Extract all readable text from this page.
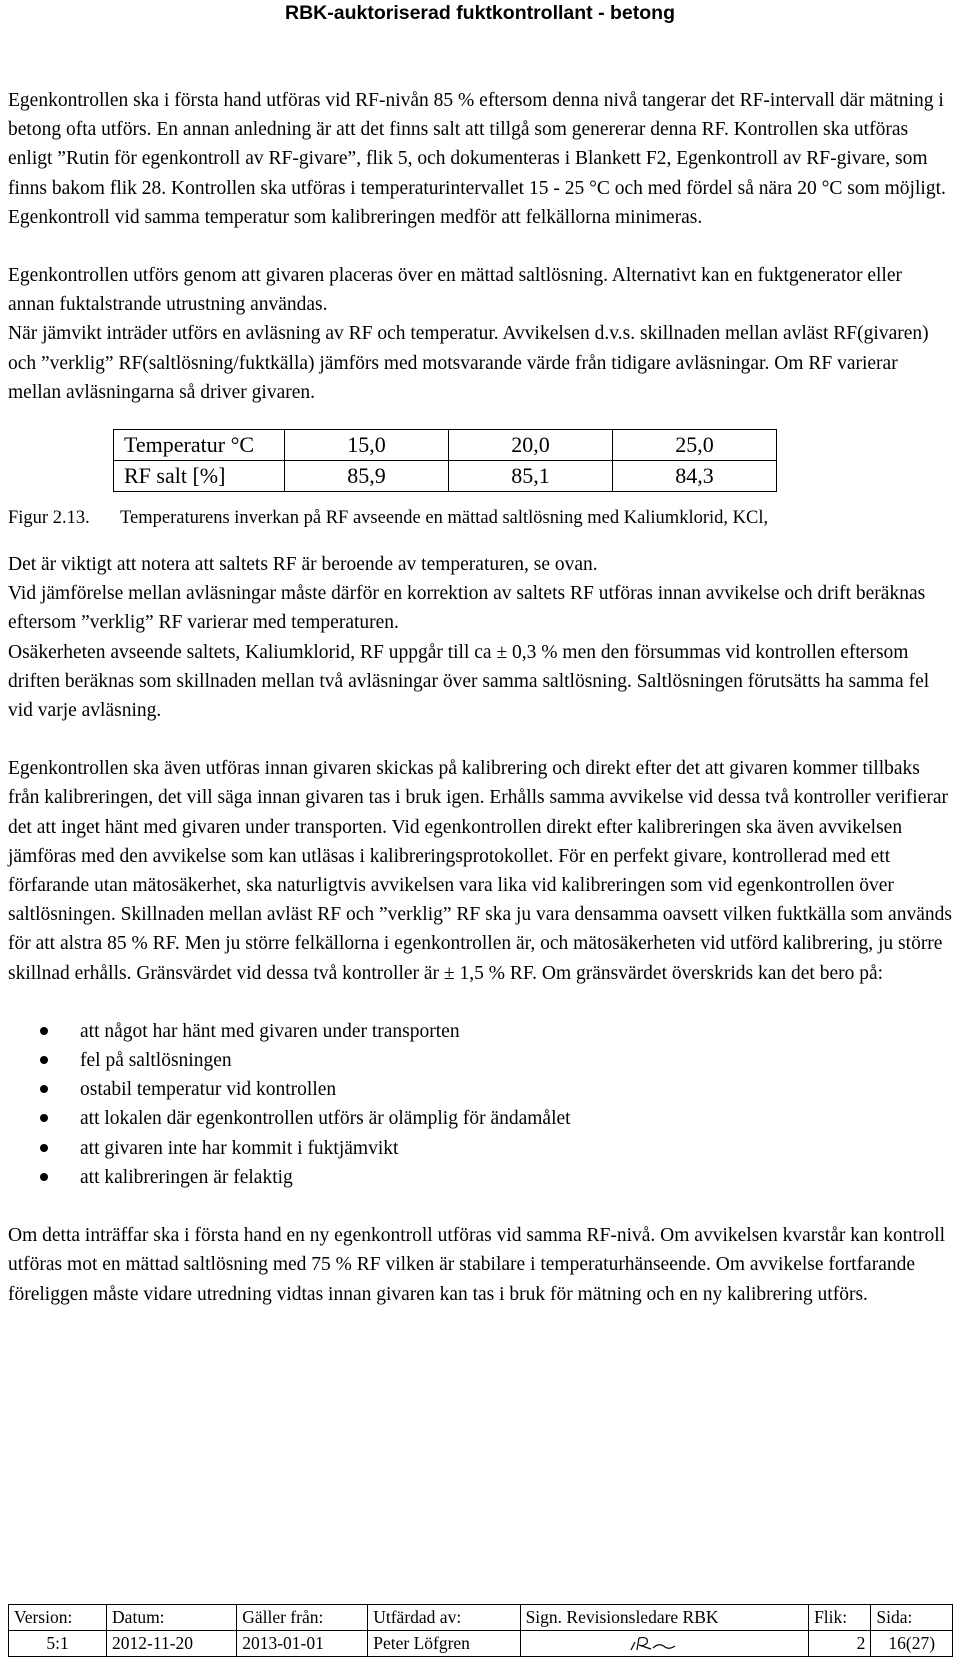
RBK-auktoriserad fuktkontrollant - betong

Egenkontrollen ska i första hand utföras vid RF-nivån 85 % eftersom denna nivå tangerar det RF-intervall där mätning i betong ofta utförs. En annan anledning är att det finns salt att tillgå som genererar denna RF. Kontrollen ska utföras enligt ”Rutin för egenkontroll av RF-givare”, flik 5, och dokumenteras i Blankett F2, Egenkontroll av RF-givare, som finns bakom flik 28. Kontrollen ska utföras i temperaturintervallet 15 - 25 °C och med fördel så nära 20 °C som möjligt. Egenkontroll vid samma temperatur som kalibreringen medför att felkällorna minimeras.

Egenkontrollen utförs genom att givaren placeras över en mättad saltlösning. Alternativt kan en fuktgenerator eller annan fuktalstrande utrustning användas.

När jämvikt inträder utförs en avläsning av RF och temperatur. Avvikelsen d.v.s. skillnaden mellan avläst RF(givaren) och ”verklig” RF(saltlösning/fuktkälla) jämförs med motsvarande värde från tidigare avläsningar. Om RF varierar mellan avläsningarna så driver givaren.

Temperatur °C	15,0	20,0	25,0
RF salt [%]	85,9	85,1	84,3
Figur 2.13.	Temperaturens inverkan på RF avseende en mättad saltlösning med Kaliumklorid, KCl,

Det är viktigt att notera att saltets RF är beroende av temperaturen, se ovan.

Vid jämförelse mellan avläsningar måste därför en korrektion av saltets RF utföras innan avvikelse och drift beräknas eftersom ”verklig” RF varierar med temperaturen.

Osäkerheten avseende saltets, Kaliumklorid, RF uppgår till ca ± 0,3 % men den försummas vid kontrollen eftersom driften beräknas som skillnaden mellan två avläsningar över samma saltlösning. Saltlösningen förutsätts ha samma fel vid varje avläsning.

Egenkontrollen ska även utföras innan givaren skickas på kalibrering och direkt efter det att givaren kommer tillbaks från kalibreringen, det vill säga innan givaren tas i bruk igen. Erhålls samma avvikelse vid dessa två kontroller verifierar det att inget hänt med givaren under transporten. Vid egenkontrollen direkt efter kalibreringen ska även avvikelsen jämföras med den avvikelse som kan utläsas i kalibreringsprotokollet. För en perfekt givare, kontrollerad med ett förfarande utan mätosäkerhet, ska naturligtvis avvikelsen vara lika vid kalibreringen som vid egenkontrollen över saltlösningen. Skillnaden mellan avläst RF och ”verklig” RF ska ju vara densamma oavsett vilken fuktkälla som används för att alstra 85 % RF. Men ju större felkällorna i egenkontrollen är, och mätosäkerheten vid utförd kalibrering, ju större skillnad erhålls. Gränsvärdet vid dessa två kontroller är ± 1,5 % RF. Om gränsvärdet överskrids kan det bero på:

att något har hänt med givaren under transporten
fel på saltlösningen
ostabil temperatur vid kontrollen
att lokalen där egenkontrollen utförs är olämplig för ändamålet
att givaren inte har kommit i fuktjämvikt
att kalibreringen är felaktig

Om detta inträffar ska i första hand en ny egenkontroll utföras vid samma RF-nivå. Om avvikelsen kvarstår kan kontroll utföras mot en mättad saltlösning med 75 % RF vilken är stabilare i temperaturhänseende. Om avvikelse fortfarande föreliggen måste vidare utredning vidtas innan givaren kan tas i bruk för mätning och en ny kalibrering utförs.

Version:	Datum:	Gäller från:	Utfärdad av:	Sign. Revisionsledare RBK	Flik:	Sida:
5:1	2012-11-20	2013-01-01	Peter Löfgren		2	16(27)
